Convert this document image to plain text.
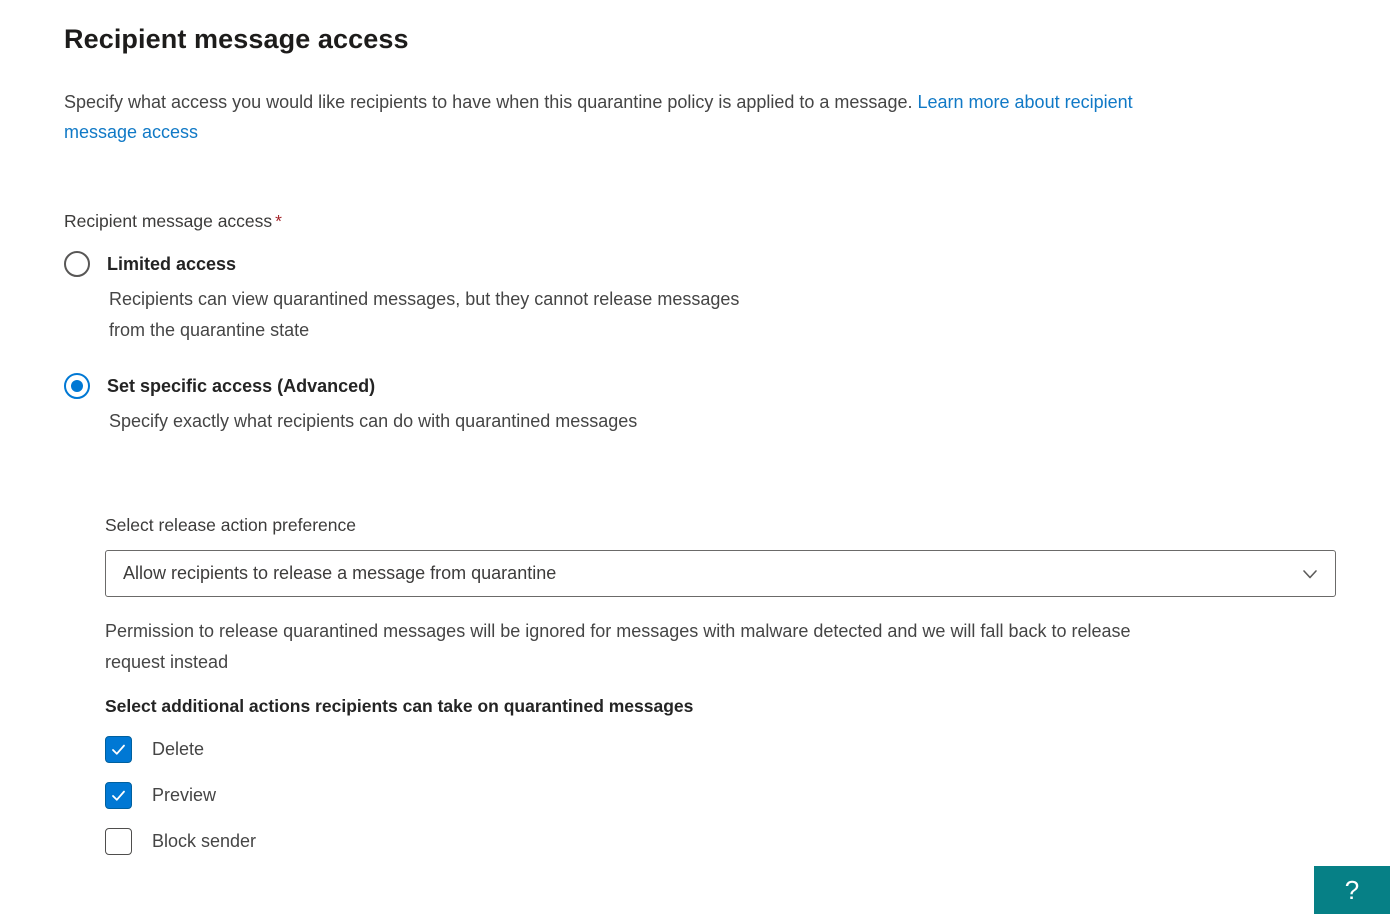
Recipient message access

Specify what access you would like recipients to have when this quarantine policy is applied to a message. Learn more about recipient
message access

Recipient message access *
Limited access
Recipients can view quarantined messages, but they cannot release messages
from the quarantine state
Set specific access (Advanced)
Specify exactly what recipients can do with quarantined messages
Select release action preference
Allow recipients to release a message from quarantine

Permission to release quarantined messages will be ignored for messages with malware detected and we will fall back to release
request instead

Select additional actions recipients can take on quarantined messages
Delete
Preview
Block sender
?
